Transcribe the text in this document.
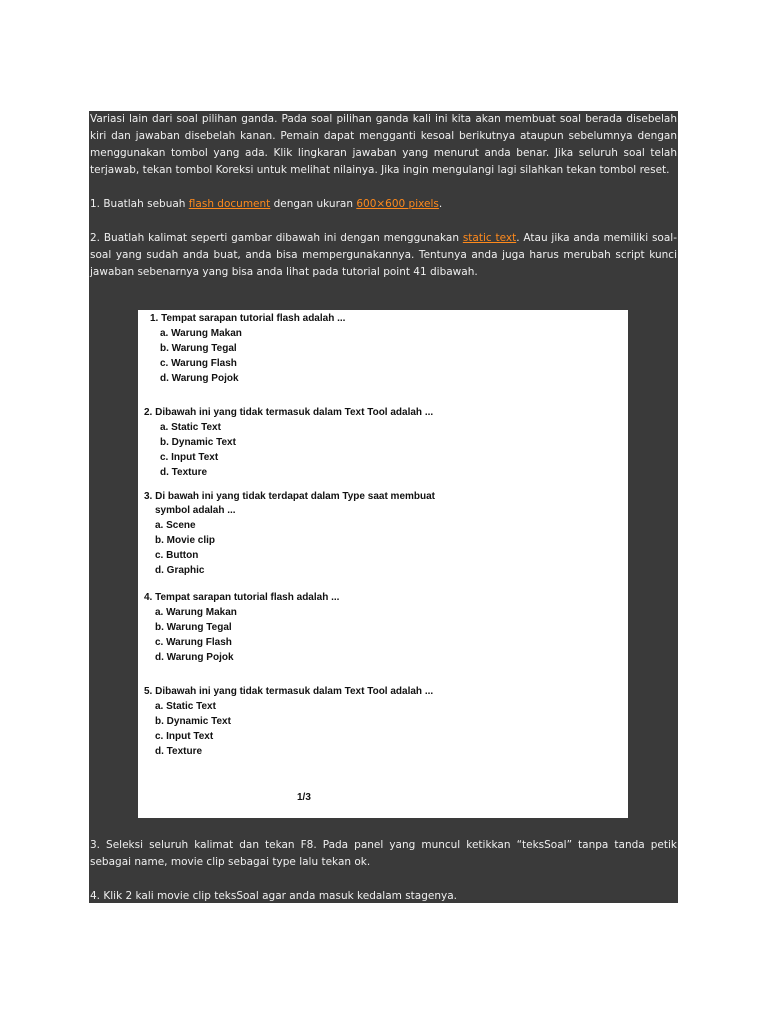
Variasi lain dari soal pilihan ganda. Pada soal pilihan ganda kali ini kita akan membuat soal berada disebelah kiri dan jawaban disebelah kanan. Pemain dapat mengganti kesoal berikutnya ataupun sebelumnya dengan menggunakan tombol yang ada. Klik lingkaran jawaban yang menurut anda benar. Jika seluruh soal telah terjawab, tekan tombol Koreksi untuk melihat nilainya. Jika ingin mengulangi lagi silahkan tekan tombol reset.

1. Buatlah sebuah flash document dengan ukuran 600×600 pixels.

2. Buatlah kalimat seperti gambar dibawah ini dengan menggunakan static text. Atau jika anda memiliki soal-soal yang sudah anda buat, anda bisa mempergunakannya. Tentunya anda juga harus merubah script kunci jawaban sebenarnya yang bisa anda lihat pada tutorial point 41 dibawah.

1. Tempat sarapan tutorial flash adalah ...
a. Warung Makan
b. Warung Tegal
c. Warung Flash
d. Warung Pojok
2. Dibawah ini yang tidak termasuk dalam Text Tool adalah ...
a. Static Text
b. Dynamic Text
c. Input Text
d. Texture
3. Di bawah ini yang tidak terdapat dalam Type saat membuat
symbol adalah ...
a. Scene
b. Movie clip
c. Button
d. Graphic
4. Tempat sarapan tutorial flash adalah ...
a. Warung Makan
b. Warung Tegal
c. Warung Flash
d. Warung Pojok
5. Dibawah ini yang tidak termasuk dalam Text Tool adalah ...
a. Static Text
b. Dynamic Text
c. Input Text
d. Texture
1/3

3. Seleksi seluruh kalimat dan tekan F8. Pada panel yang muncul ketikkan “teksSoal” tanpa tanda petik sebagai name, movie clip sebagai type lalu tekan ok.

4. Klik 2 kali movie clip teksSoal agar anda masuk kedalam stagenya.
